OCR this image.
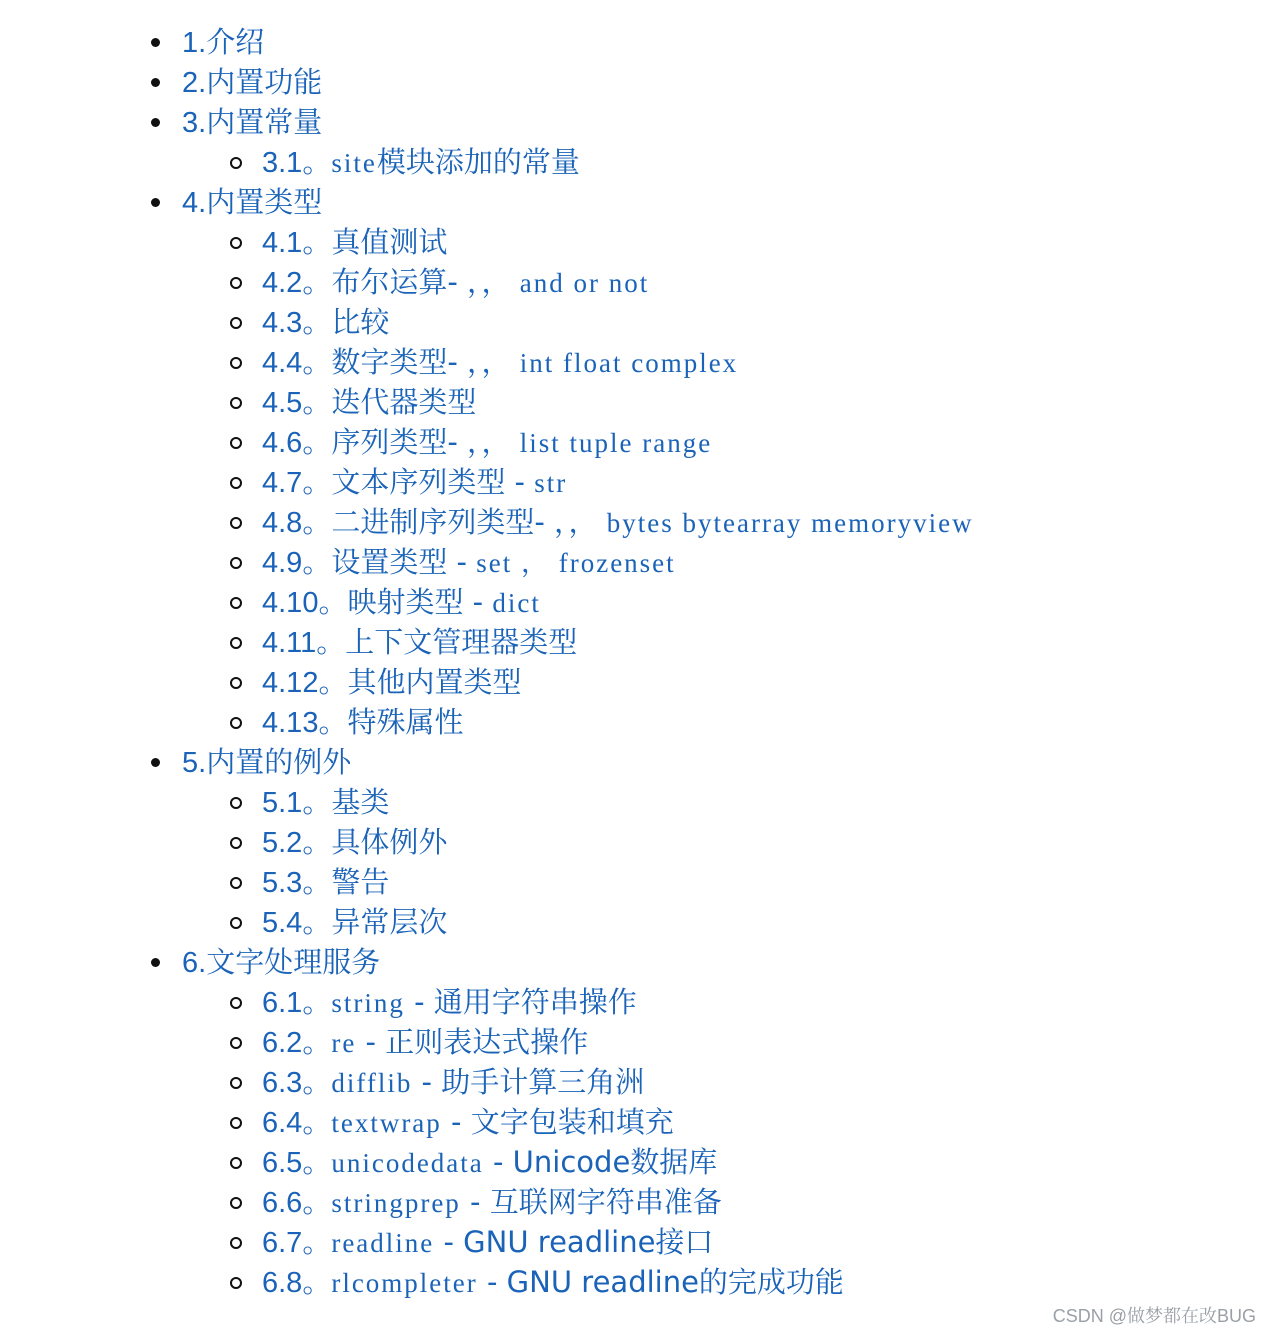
1.介绍
2.内置功能
3.内置常量
3.1。site模块添加的常量
4.内置类型
4.1。真值测试
4.2。布尔运算- ，， and or not
4.3。比较
4.4。数字类型- ，， int float complex
4.5。迭代器类型
4.6。序列类型- ，， list tuple range
4.7。文本序列类型 - str
4.8。二进制序列类型- ，， bytes bytearray memoryview
4.9。设置类型 - set ， frozenset
4.10。映射类型 - dict
4.11。上下文管理器类型
4.12。其他内置类型
4.13。特殊属性
5.内置的例外
5.1。基类
5.2。具体例外
5.3。警告
5.4。异常层次
6.文字处理服务
6.1。string - 通用字符串操作
6.2。re - 正则表达式操作
6.3。difflib - 助手计算三角洲
6.4。textwrap - 文字包装和填充
6.5。unicodedata - Unicode数据库
6.6。stringprep - 互联网字符串准备
6.7。readline - GNU readline接口
6.8。rlcompleter - GNU readline的完成功能
CSDN @做梦都在改BUG
